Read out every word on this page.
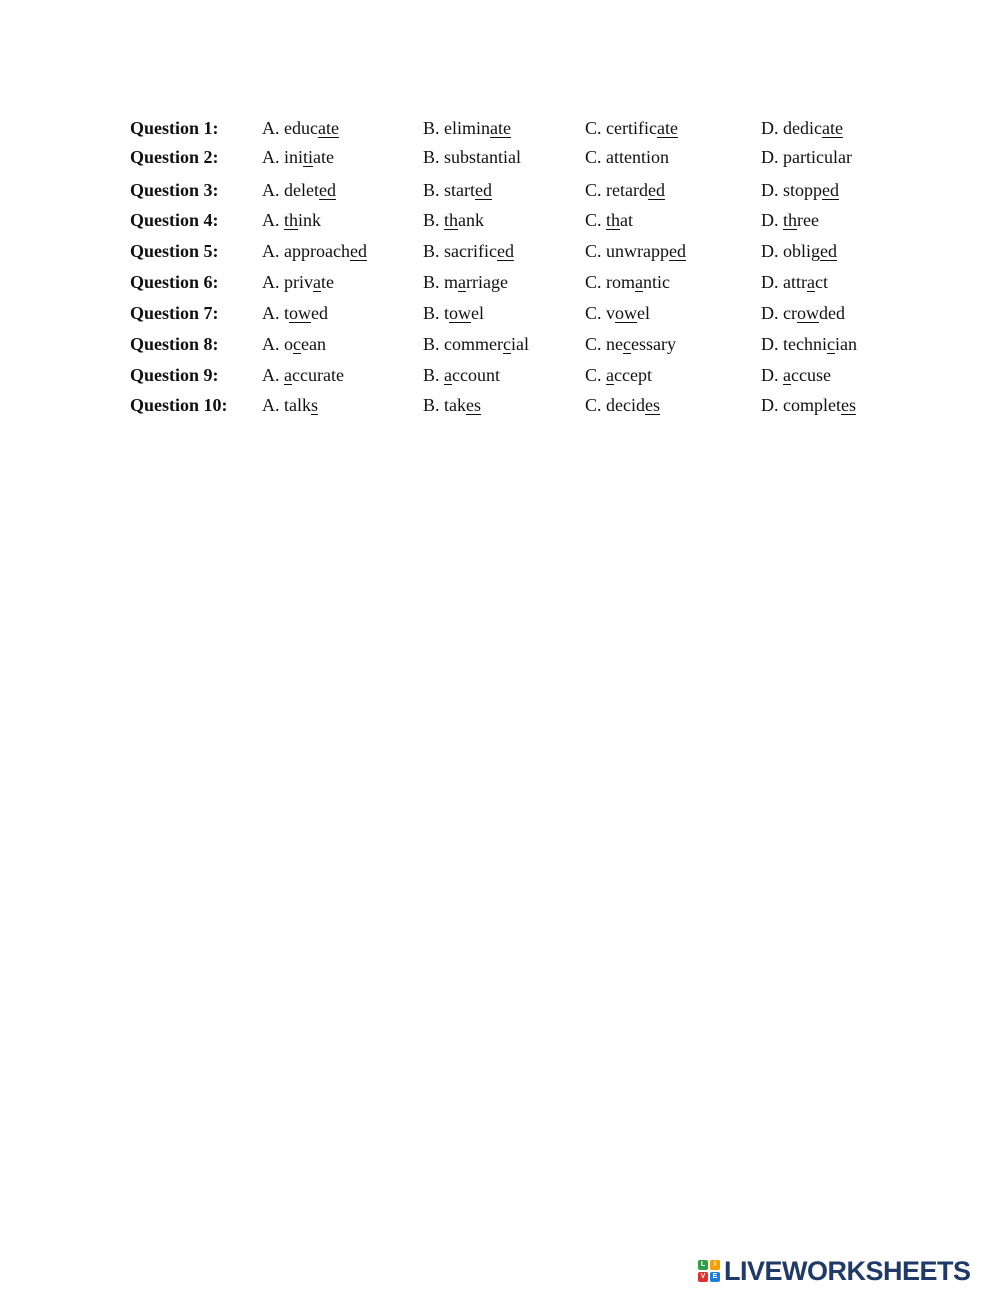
Question 1: A. educate	B. eliminate	C. certificate	D. dedicate
Question 2: A. initiate	B. substantial	C. attention	D. particular
Question 3: A. deleted	B. started	C. retarded	D. stopped
Question 4: A. think	B. thank	C. that	D. three
Question 5: A. approached	B. sacrificed	C. unwrapped	D. obliged
Question 6: A. private	B. marriage	C. romantic	D. attract
Question 7: A. towed	B. towel	C. vowel	D. crowded
Question 8: A. ocean	B. commercial	C. necessary	D. technician
Question 9: A. accurate	B. account	C. accept	D. accuse
Question 10: A. talks	B. takes	C. decides	D. completes
L	I
V	E LIVEWORKSHEETS
